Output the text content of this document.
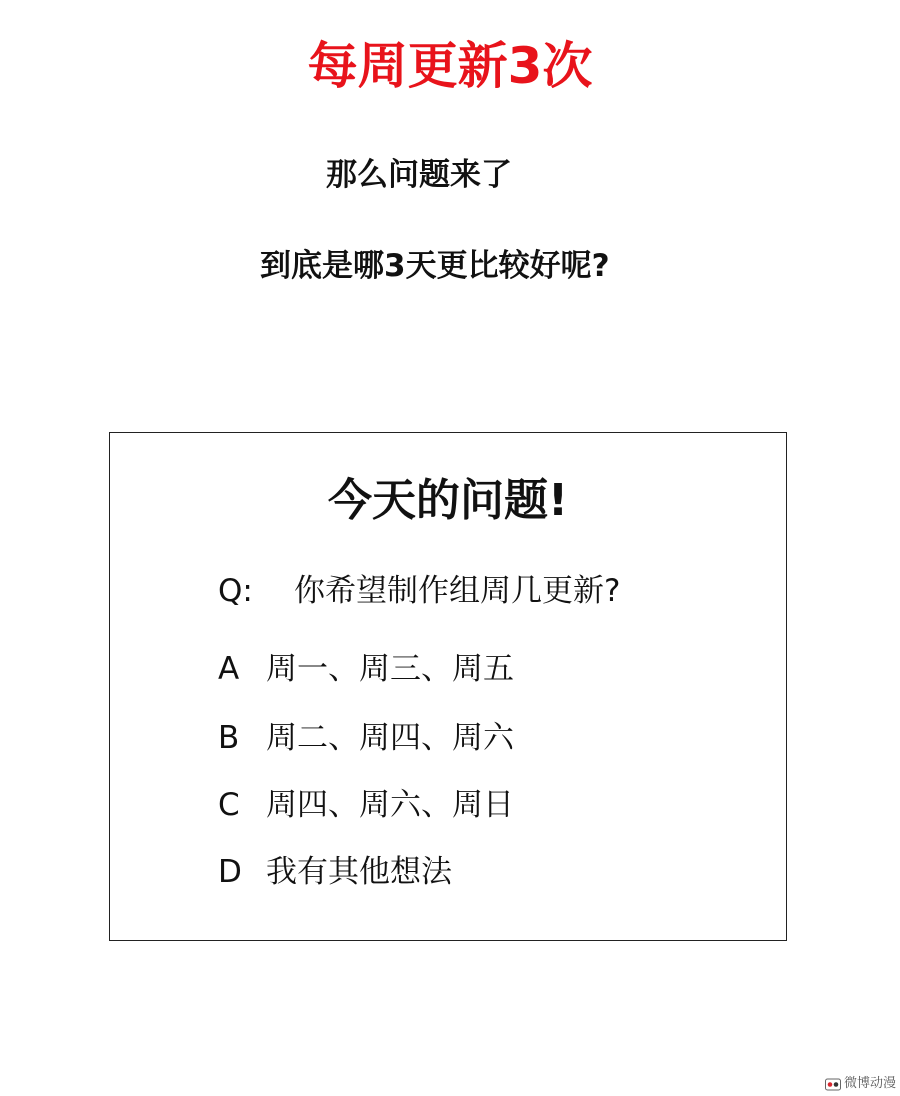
每周更新3次
那么问题来了
到底是哪3天更比较好呢?
今天的问题!
Q: 你希望制作组周几更新?
A 周一、周三、周五
B 周二、周四、周六
C 周四、周六、周日
D 我有其他想法
微博动漫
